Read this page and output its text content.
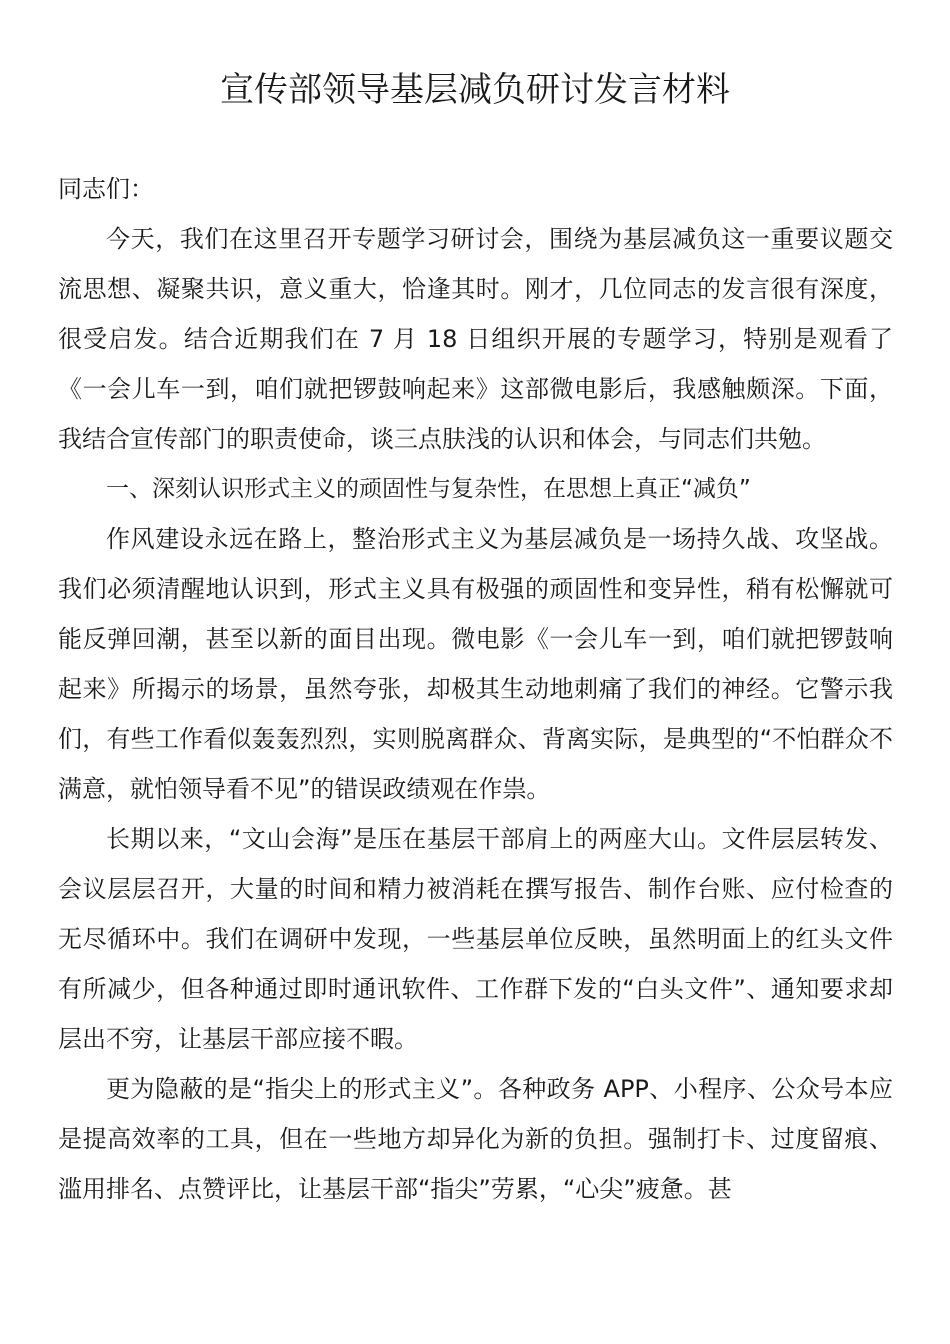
宣传部领导基层减负研讨发言材料

同志们：

今天，我们在这里召开专题学习研讨会，围绕为基层减负这一重要议题交流思想、凝聚共识，意义重大，恰逢其时。刚才，几位同志的发言很有深度，很受启发。结合近期我们在 7 月 18 日组织开展的专题学习，特别是观看了《一会儿车一到，咱们就把锣鼓响起来》这部微电影后，我感触颇深。下面，我结合宣传部门的职责使命，谈三点肤浅的认识和体会，与同志们共勉。

一、深刻认识形式主义的顽固性与复杂性，在思想上真正“减负”

作风建设永远在路上，整治形式主义为基层减负是一场持久战、攻坚战。我们必须清醒地认识到，形式主义具有极强的顽固性和变异性，稍有松懈就可能反弹回潮，甚至以新的面目出现。微电影《一会儿车一到，咱们就把锣鼓响起来》所揭示的场景，虽然夸张，却极其生动地刺痛了我们的神经。它警示我们，有些工作看似轰轰烈烈，实则脱离群众、背离实际，是典型的“不怕群众不满意，就怕领导看不见”的错误政绩观在作祟。

长期以来，“文山会海”是压在基层干部肩上的两座大山。文件层层转发、会议层层召开，大量的时间和精力被消耗在撰写报告、制作台账、应付检查的无尽循环中。我们在调研中发现，一些基层单位反映，虽然明面上的红头文件有所减少，但各种通过即时通讯软件、工作群下发的“白头文件”、通知要求却层出不穷，让基层干部应接不暇。

更为隐蔽的是“指尖上的形式主义”。各种政务 APP、小程序、公众号本应是提高效率的工具，但在一些地方却异化为新的负担。强制打卡、过度留痕、滥用排名、点赞评比，让基层干部“指尖”劳累，“心尖”疲惫。甚
